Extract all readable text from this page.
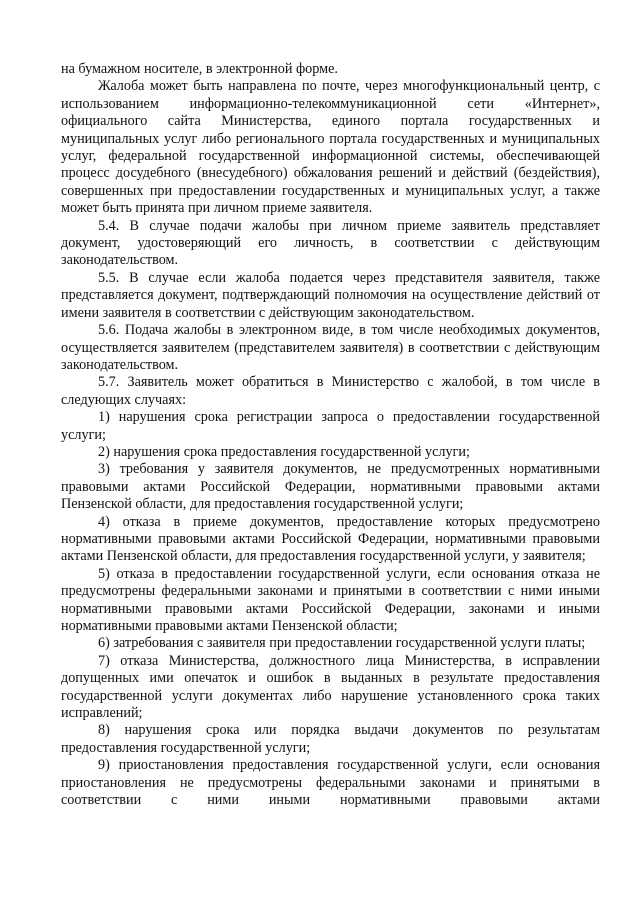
на бумажном носителе, в электронной форме.

Жалоба может быть направлена по почте, через многофункциональный центр, с использованием информационно-телекоммуникационной сети «Интернет», официального сайта Министерства, единого портала государственных и муниципальных услуг либо регионального портала государственных и муниципальных услуг, федеральной государственной информационной системы, обеспечивающей процесс досудебного (внесудебного) обжалования решений и действий (бездействия), совершенных при предоставлении государственных и муниципальных услуг, а также может быть принята при личном приеме заявителя.

5.4. В случае подачи жалобы при личном приеме заявитель представляет документ, удостоверяющий его личность, в соответствии с действующим законодательством.

5.5. В случае если жалоба подается через представителя заявителя, также представляется документ, подтверждающий полномочия на осуществление действий от имени заявителя в соответствии с действующим законодательством.

5.6. Подача жалобы в электронном виде, в том числе необходимых документов, осуществляется заявителем (представителем заявителя) в соответствии с действующим законодательством.

5.7. Заявитель может обратиться в Министерство с жалобой, в том числе в следующих случаях:

1) нарушения срока регистрации запроса о предоставлении государственной услуги;

2) нарушения срока предоставления государственной услуги;

3) требования у заявителя документов, не предусмотренных нормативными правовыми актами Российской Федерации, нормативными правовыми актами Пензенской области, для предоставления государственной услуги;

4) отказа в приеме документов, предоставление которых предусмотрено нормативными правовыми актами Российской Федерации, нормативными правовыми актами Пензенской области, для предоставления государственной услуги, у заявителя;

5) отказа в предоставлении государственной услуги, если основания отказа не предусмотрены федеральными законами и принятыми в соответствии с ними иными нормативными правовыми актами Российской Федерации, законами и иными нормативными правовыми актами Пензенской области;

6) затребования с заявителя при предоставлении государственной услуги платы;

7) отказа Министерства, должностного лица Министерства, в исправлении допущенных ими опечаток и ошибок в выданных в результате предоставления государственной услуги документах либо нарушение установленного срока таких исправлений;

8) нарушения срока или порядка выдачи документов по результатам предоставления государственной услуги;

9) приостановления предоставления государственной услуги, если основания приостановления не предусмотрены федеральными законами и принятыми в соответствии с ними иными нормативными правовыми актами
